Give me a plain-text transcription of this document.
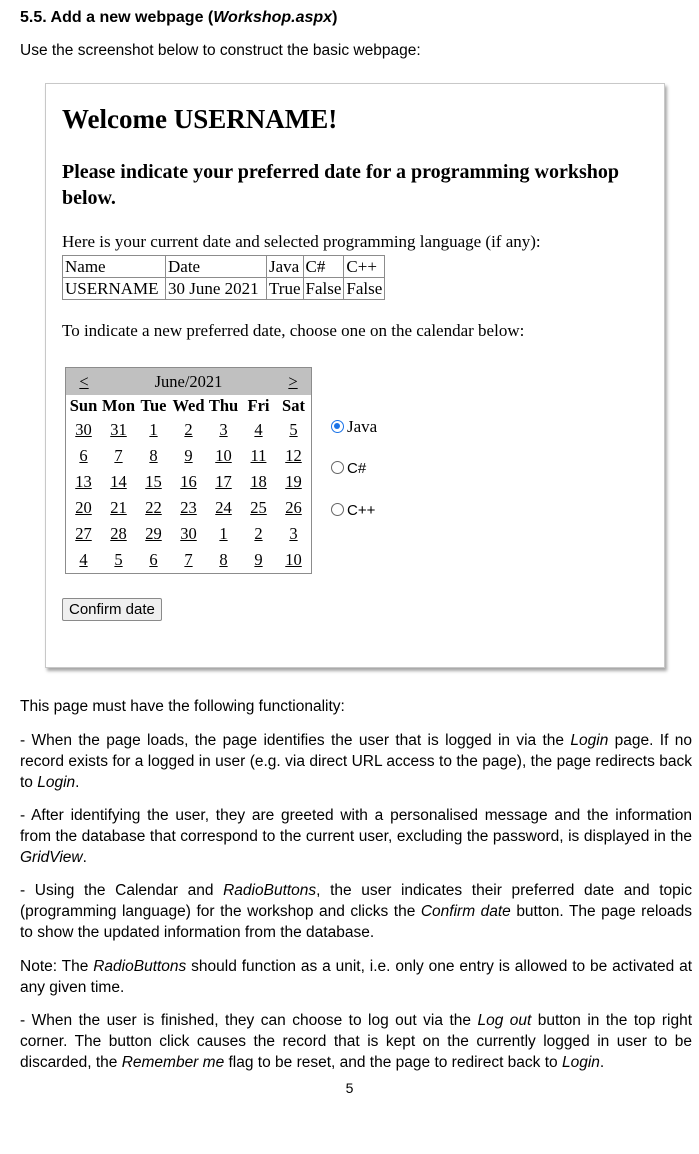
5.5. Add a new webpage (Workshop.aspx)
Use the screenshot below to construct the basic webpage:
Welcome USERNAME!
Please indicate your preferred date for a programming workshop below.
Here is your current date and selected programming language (if any):
Name	Date	Java	C#	C++
USERNAME	30 June 2021	True	False	False
To indicate a new preferred date, choose one on the calendar below:
< June/2021 >						

Sun	Mon	Tue	Wed	Thu	Fri	Sat
30	31	1	2	3	4	5
6	7	8	9	10	11	12
13	14	15	16	17	18	19
20	21	22	23	24	25	26
27	28	29	30	1	2	3
4	5	6	7	8	9	10
Java
C#
C++
Confirm date
This page must have the following functionality:
- When the page loads, the page identifies the user that is logged in via the Login page. If no record exists for a logged in user (e.g. via direct URL access to the page), the page redirects back to Login.
- After identifying the user, they are greeted with a personalised message and the information from the database that correspond to the current user, excluding the password, is displayed in the GridView.
- Using the Calendar and RadioButtons, the user indicates their preferred date and topic (programming language) for the workshop and clicks the Confirm date button. The page reloads to show the updated information from the database.
Note: The RadioButtons should function as a unit, i.e. only one entry is allowed to be activated at any given time.
- When the user is finished, they can choose to log out via the Log out button in the top right corner. The button click causes the record that is kept on the currently logged in user to be discarded, the Remember me flag to be reset, and the page to redirect back to Login.
5
